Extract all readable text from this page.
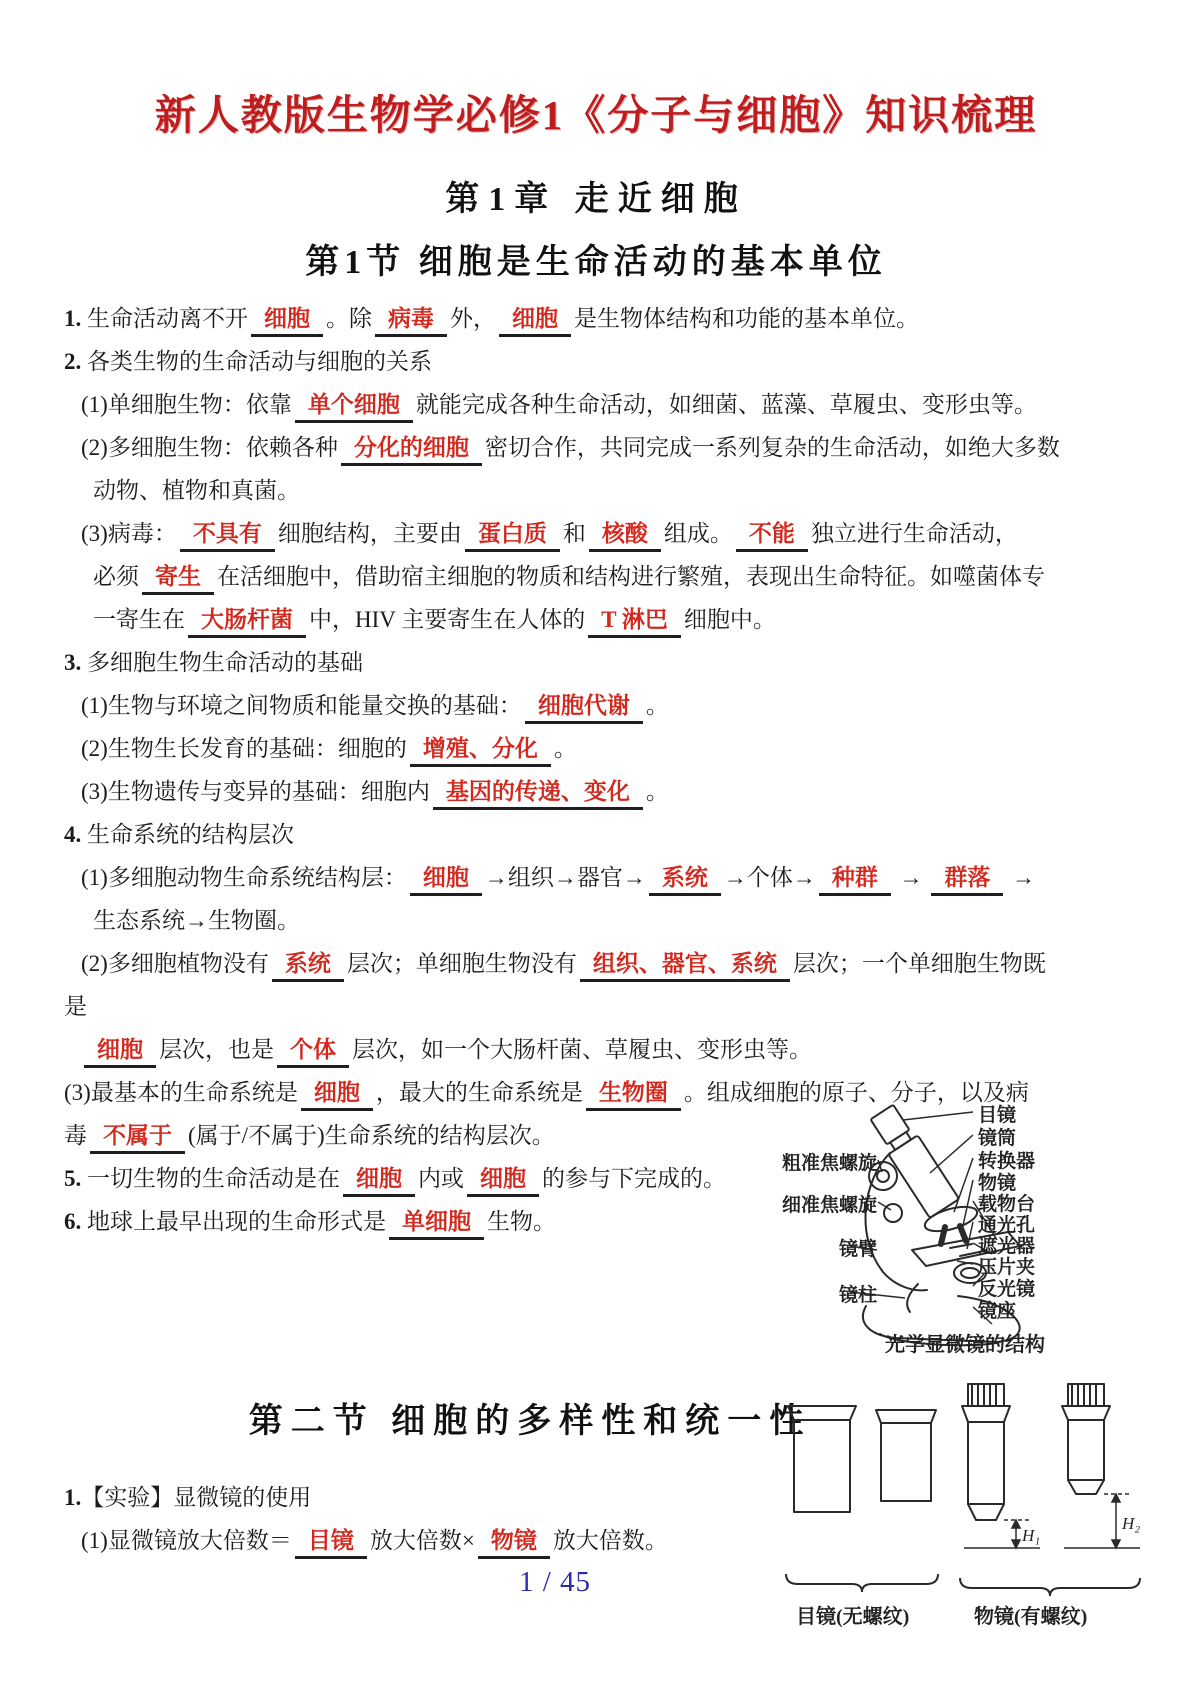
新人教版生物学必修1《分子与细胞》知识梳理
第1章 走近细胞
第1节 细胞是生命活动的基本单位
1. 生命活动离不开 细胞 。除 病毒 外， 细胞 是生物体结构和功能的基本单位。
2. 各类生物的生命活动与细胞的关系
(1)单细胞生物：依靠 单个细胞 就能完成各种生命活动，如细菌、蓝藻、草履虫、变形虫等。
(2)多细胞生物：依赖各种 分化的细胞 密切合作，共同完成一系列复杂的生命活动，如绝大多数
动物、植物和真菌。
(3)病毒： 不具有 细胞结构，主要由 蛋白质 和 核酸 组成。 不能 独立进行生命活动，
必须 寄生 在活细胞中，借助宿主细胞的物质和结构进行繁殖，表现出生命特征。如噬菌体专
一寄生在 大肠杆菌 中，HIV 主要寄生在人体的 T 淋巴 细胞中。
3. 多细胞生物生命活动的基础
(1)生物与环境之间物质和能量交换的基础： 细胞代谢 。
(2)生物生长发育的基础：细胞的 增殖、分化 。
(3)生物遗传与变异的基础：细胞内 基因的传递、变化 。
4. 生命系统的结构层次
(1)多细胞动物生命系统结构层： 细胞 →组织→器官→ 系统 →个体→ 种群 → 群落 →
生态系统→生物圈。
(2)多细胞植物没有 系统 层次；单细胞生物没有 组织、器官、系统 层次；一个单细胞生物既
是
细胞 层次，也是 个体 层次，如一个大肠杆菌、草履虫、变形虫等。
(3)最基本的生命系统是 细胞 ，最大的生命系统是 生物圈 。组成细胞的原子、分子，以及病
毒 不属于 (属于/不属于)生命系统的结构层次。
5. 一切生物的生命活动是在 细胞 内或 细胞 的参与下完成的。
6. 地球上最早出现的生命形式是 单细胞 生物。
第二节 细胞的多样性和统一性
1.【实验】显微镜的使用
(1)显微镜放大倍数＝ 目镜 放大倍数× 物镜 放大倍数。
1 / 45
粗准焦螺旋
细准焦螺旋
镜臂
镜柱
目镜
镜筒
转换器
物镜
载物台
通光孔
遮光器
压片夹
反光镜
镜座
光学显微镜的结构
H₁
H₂
目镜(无螺纹)	物镜(有螺纹)
